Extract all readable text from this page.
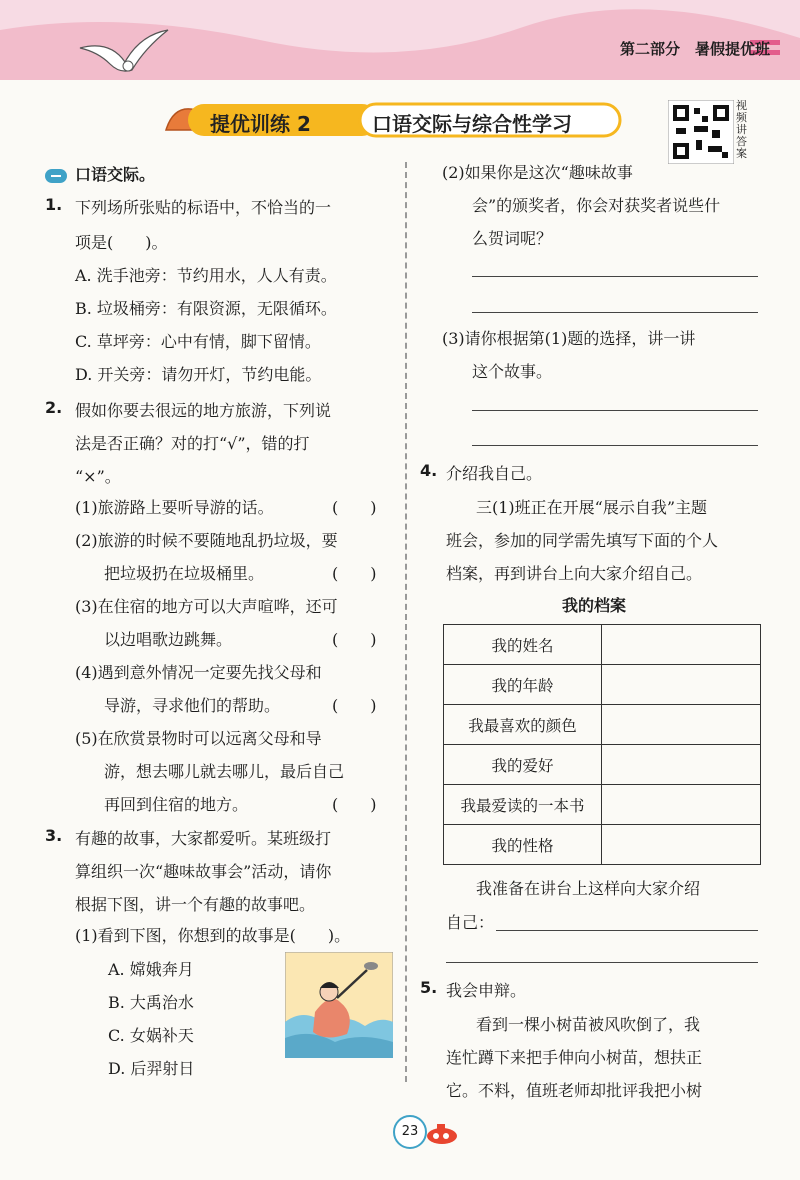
第二部分　暑假提优班
提优训练 2	口语交际与综合性学习
视频讲答案
口语交际。
1. 下列场所张贴的标语中，不恰当的一
项是(　　)。
A. 洗手池旁：节约用水，人人有责。
B. 垃圾桶旁：有限资源，无限循环。
C. 草坪旁：心中有情，脚下留情。
D. 开关旁：请勿开灯，节约电能。
2. 假如你要去很远的地方旅游，下列说
法是否正确？对的打“√”，错的打
“×”。
(1)旅游路上要听导游的话。	(　　)
(2)旅游的时候不要随地乱扔垃圾，要
把垃圾扔在垃圾桶里。	(　　)
(3)在住宿的地方可以大声喧哗，还可
以边唱歌边跳舞。	(　　)
(4)遇到意外情况一定要先找父母和
导游，寻求他们的帮助。	(　　)
(5)在欣赏景物时可以远离父母和导
游，想去哪儿就去哪儿，最后自己
再回到住宿的地方。	(　　)
3. 有趣的故事，大家都爱听。某班级打
算组织一次“趣味故事会”活动，请你
根据下图，讲一个有趣的故事吧。
(1)看到下图，你想到的故事是(　　)。
A. 嫦娥奔月
B. 大禹治水
C. 女娲补天
D. 后羿射日
(2)如果你是这次“趣味故事
会”的颁奖者，你会对获奖者说些什
么贺词呢？
(3)请你根据第(1)题的选择，讲一讲
这个故事。
4. 介绍我自己。
三(1)班正在开展“展示自我”主题
班会，参加的同学需先填写下面的个人
档案，再到讲台上向大家介绍自己。
我的档案
我的姓名	
我的年龄	
我最喜欢的颜色	
我的爱好	
我最爱读的一本书	
我的性格	
我准备在讲台上这样向大家介绍
自己：
5. 我会申辩。
看到一棵小树苗被风吹倒了，我
连忙蹲下来把手伸向小树苗，想扶正
它。不料，值班老师却批评我把小树
23
